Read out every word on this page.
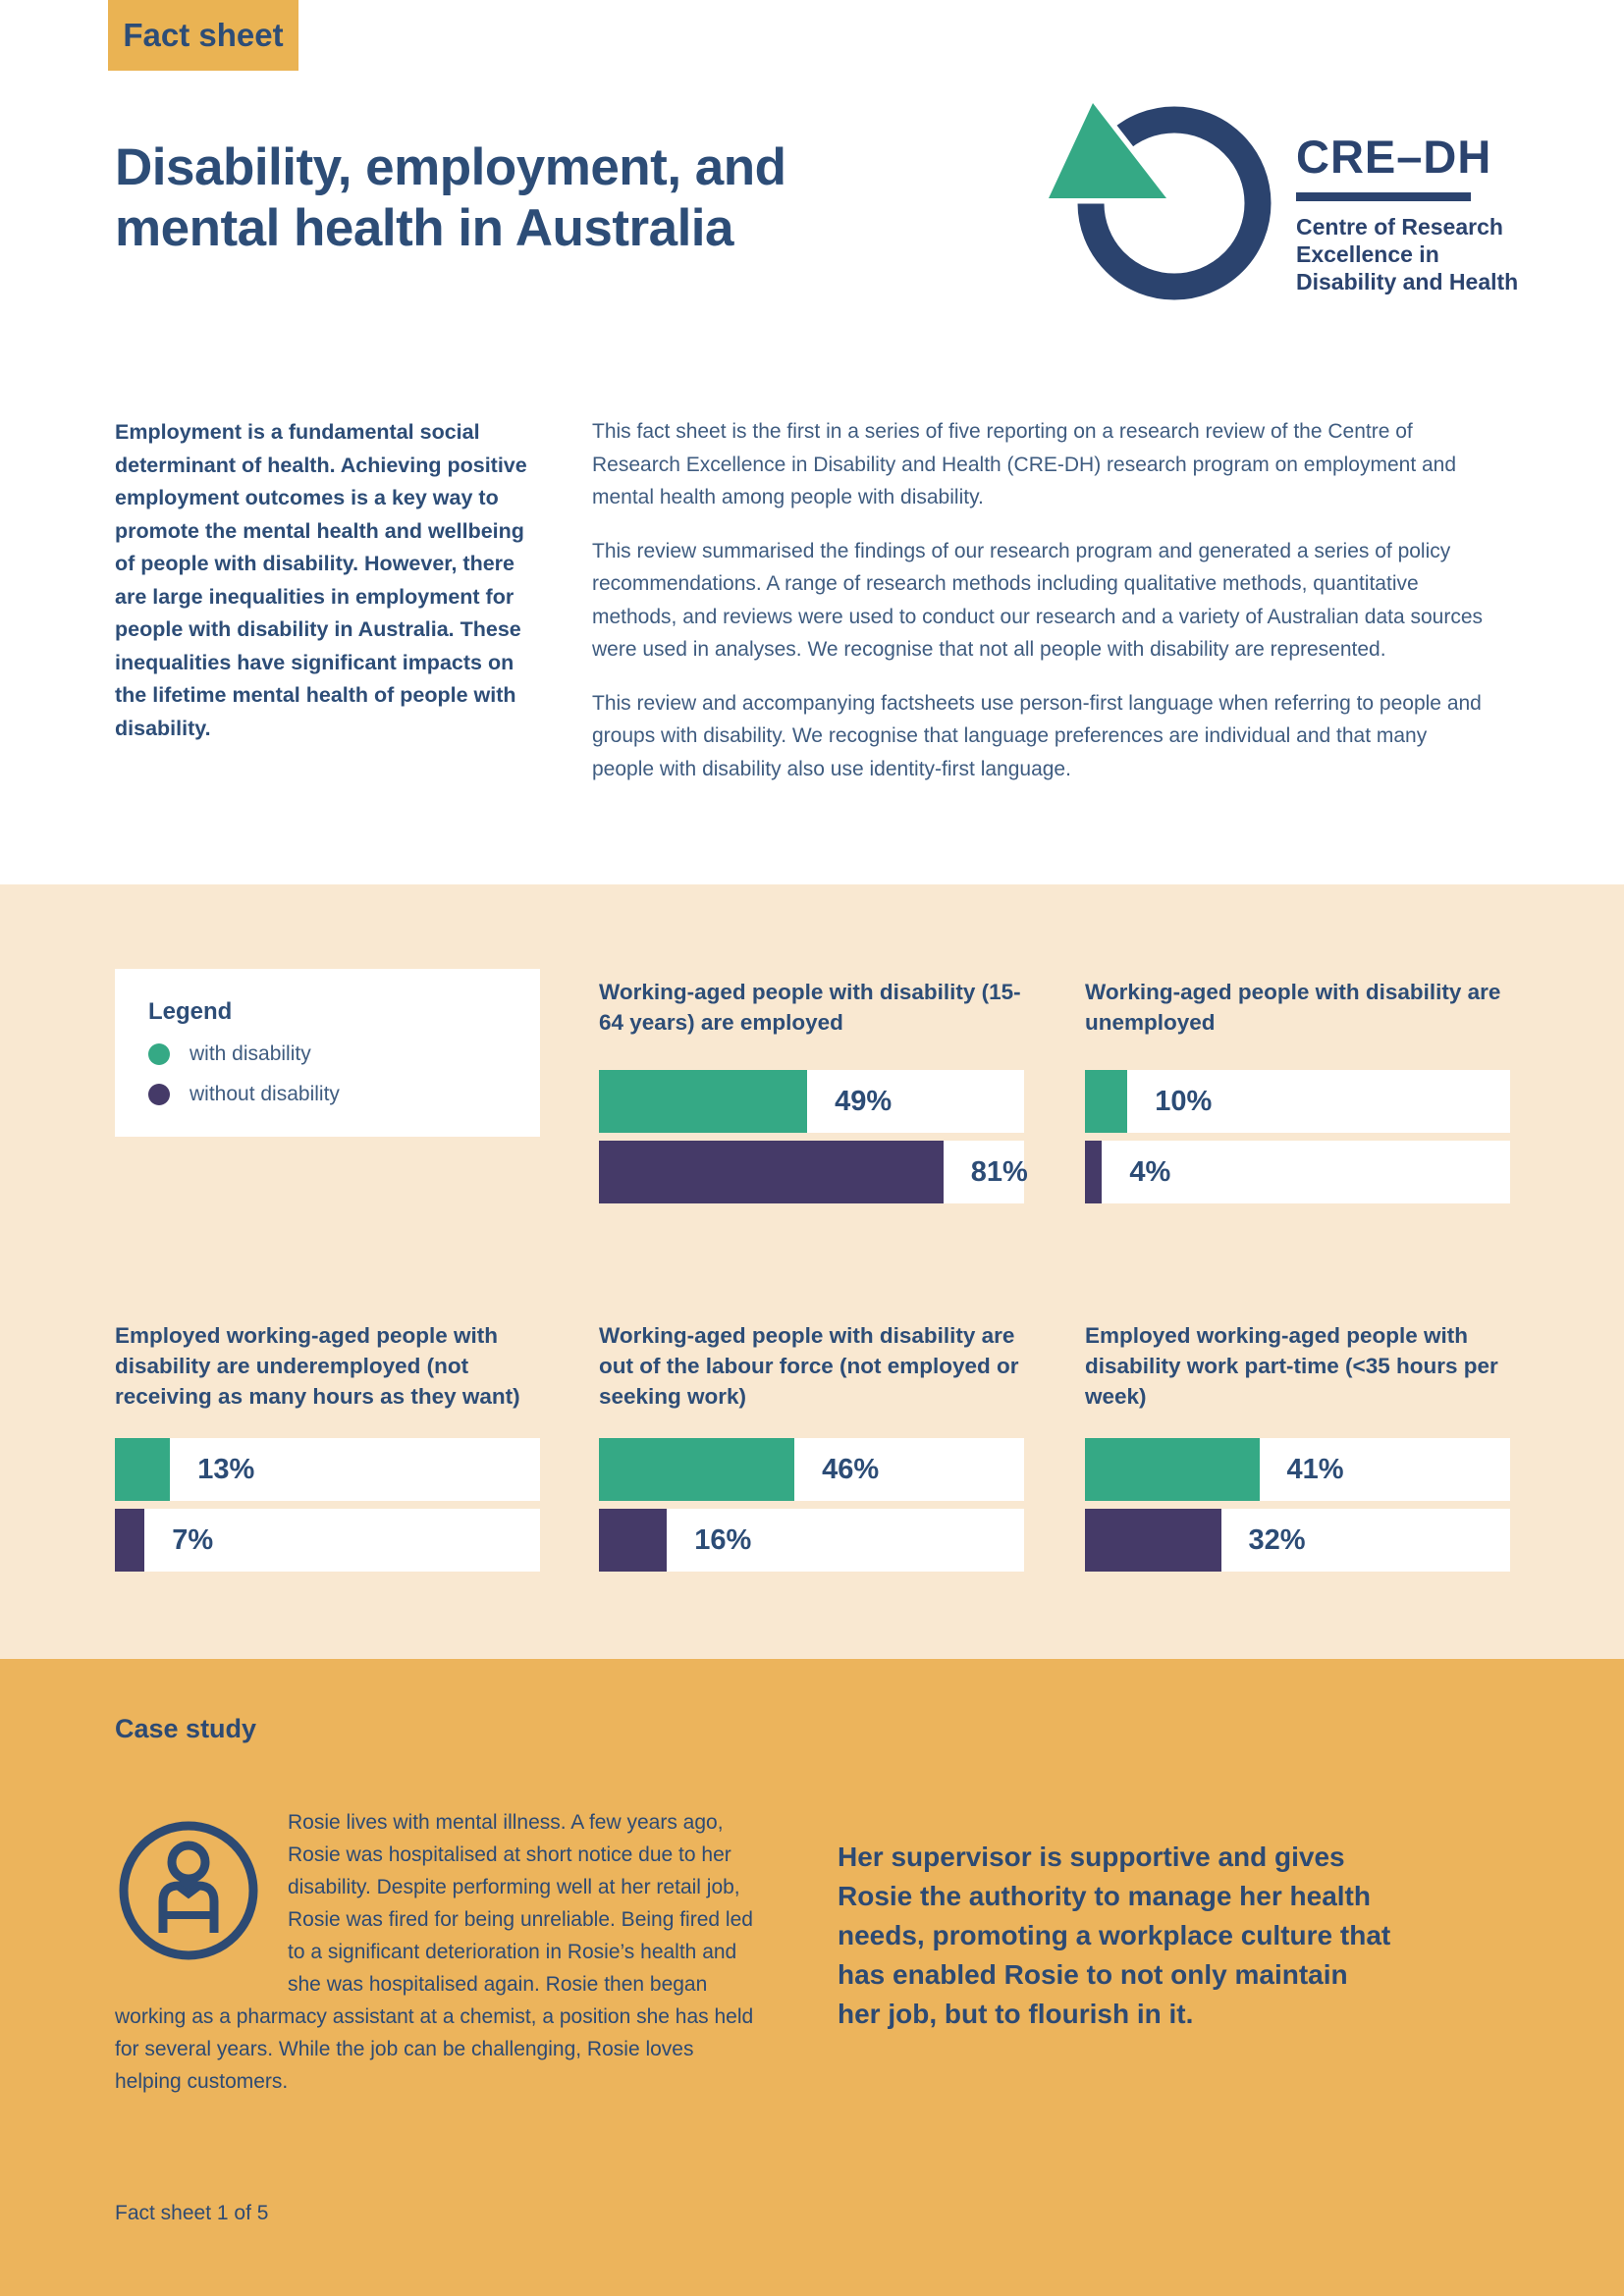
Fact sheet
Disability, employment, and
mental health in Australia
CRE–DH
Centre of Research
Excellence in
Disability and Health
Employment is a fundamental social determinant of health. Achieving positive employment outcomes is a key way to promote the mental health and wellbeing of people with disability. However, there are large inequalities in employment for people with disability in Australia. These inequalities have significant impacts on the lifetime mental health of people with disability.

This fact sheet is the first in a series of five reporting on a research review of the Centre of Research Excellence in Disability and Health (CRE-DH) research program on employment and mental health among people with disability.

This review summarised the findings of our research program and generated a series of policy recommendations. A range of research methods including qualitative methods, quantitative methods, and reviews were used to conduct our research and a variety of Australian data sources were used in analyses. We recognise that not all people with disability are represented.

This review and accompanying factsheets use person-first language when referring to people and groups with disability. We recognise that language preferences are individual and that many people with disability also use identity-first language.

Legend
with disability
without disability
Working-aged people with disability (15-64 years) are employed
49%
81%
Working-aged people with disability are unemployed
10%
4%
Employed working-aged people with disability are underemployed (not receiving as many hours as they want)
13%
7%
Working-aged people with disability are out of the labour force (not employed or seeking work)
46%
16%
Employed working-aged people with disability work part-time (<35 hours per week)
41%
32%
Case study
Rosie lives with mental illness. A few years ago, Rosie was hospitalised at short notice due to her disability. Despite performing well at her retail job, Rosie was fired for being unreliable. Being fired led to a significant deterioration in Rosie’s health and she was hospitalised again. Rosie then began working as a pharmacy assistant at a chemist, a position she has held for several years. While the job can be challenging, Rosie loves helping customers.
Her supervisor is supportive and gives Rosie the authority to manage her health needs, promoting a workplace culture that has enabled Rosie to not only maintain her job, but to flourish in it.
Fact sheet 1 of 5
